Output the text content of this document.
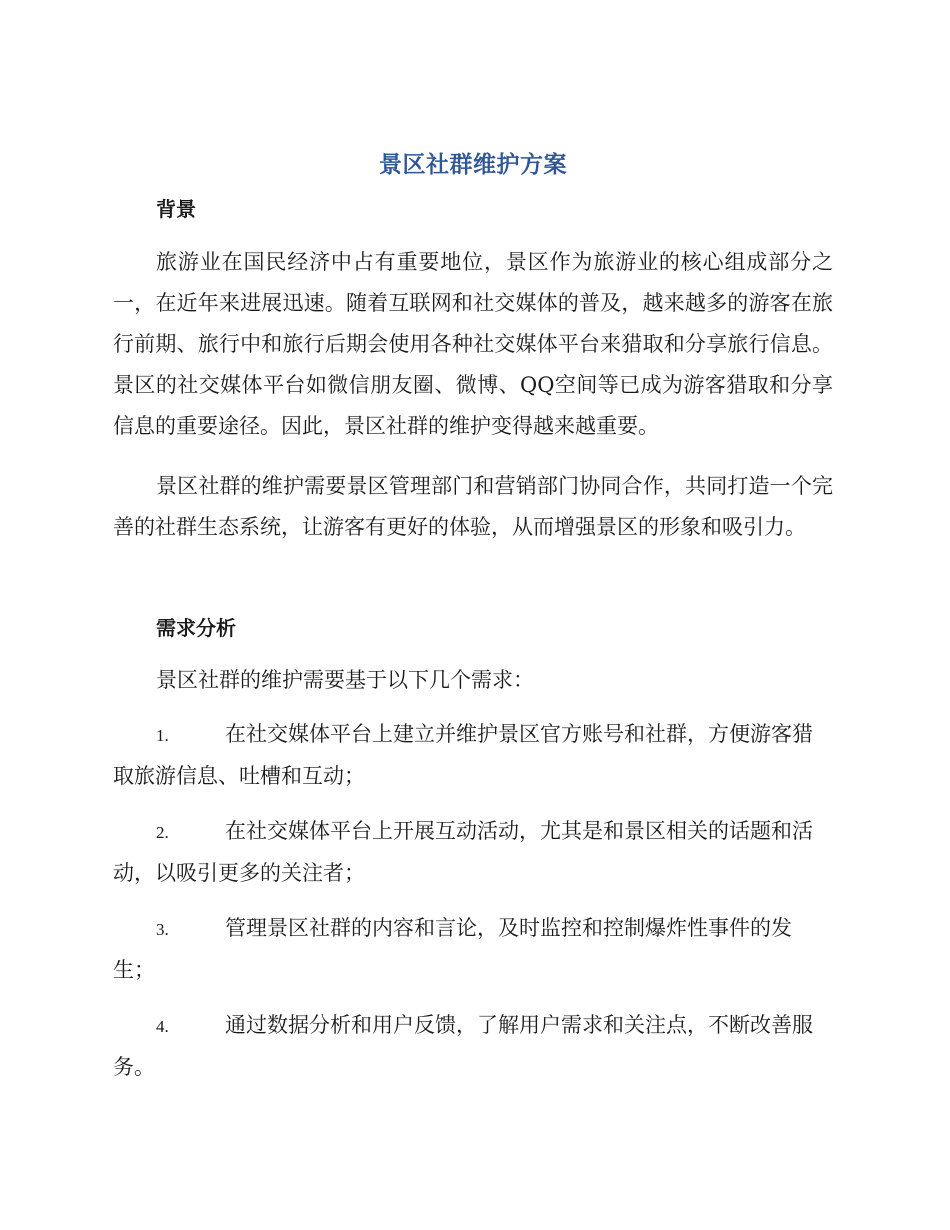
景区社群维护方案
背景

旅游业在国民经济中占有重要地位，景区作为旅游业的核心组成部分之一，在近年来进展迅速。随着互联网和社交媒体的普及，越来越多的游客在旅行前期、旅行中和旅行后期会使用各种社交媒体平台来猎取和分享旅行信息。景区的社交媒体平台如微信朋友圈、微博、QQ空间等已成为游客猎取和分享信息的重要途径。因此，景区社群的维护变得越来越重要。

景区社群的维护需要景区管理部门和营销部门协同合作，共同打造一个完善的社群生态系统，让游客有更好的体验，从而增强景区的形象和吸引力。

需求分析

景区社群的维护需要基于以下几个需求：

1.	在社交媒体平台上建立并维护景区官方账号和社群，方便游客猎取旅游信息、吐槽和互动；

2.	在社交媒体平台上开展互动活动，尤其是和景区相关的话题和活动，以吸引更多的关注者；

3.	管理景区社群的内容和言论，及时监控和控制爆炸性事件的发生；

4.	通过数据分析和用户反馈，了解用户需求和关注点，不断改善服务。
